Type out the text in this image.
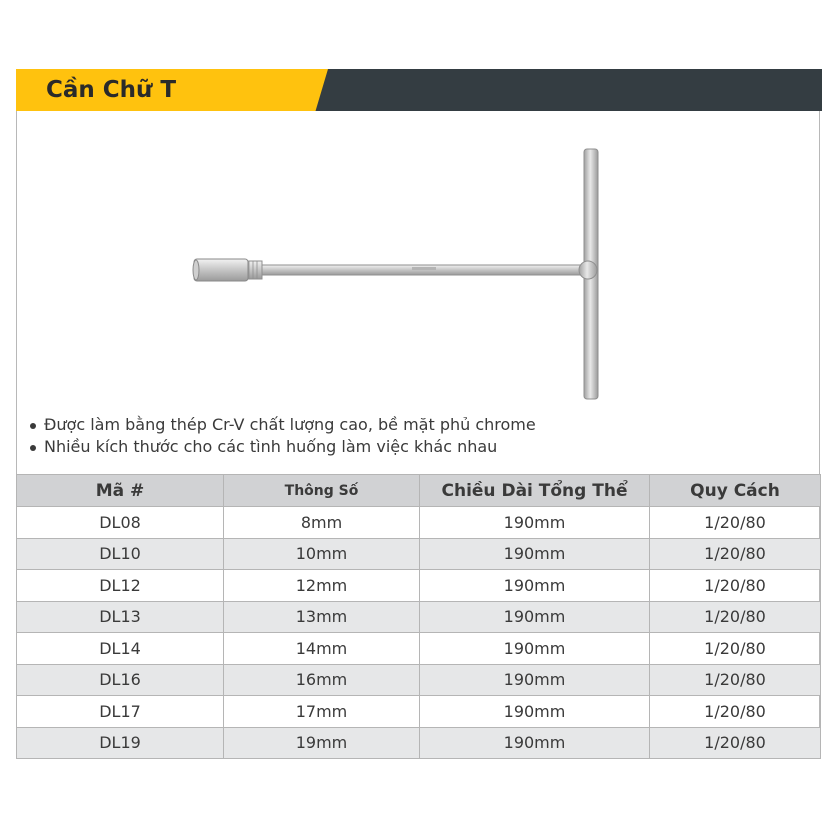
Cần Chữ T
Được làm bằng thép Cr-V chất lượng cao, bề mặt phủ chrome
Nhiều kích thước cho các tình huống làm việc khác nhau
Mã #	Thông Số	Chiều Dài Tổng Thể	Quy Cách
DL08	8mm	190mm	1/20/80
DL10	10mm	190mm	1/20/80
DL12	12mm	190mm	1/20/80
DL13	13mm	190mm	1/20/80
DL14	14mm	190mm	1/20/80
DL16	16mm	190mm	1/20/80
DL17	17mm	190mm	1/20/80
DL19	19mm	190mm	1/20/80
